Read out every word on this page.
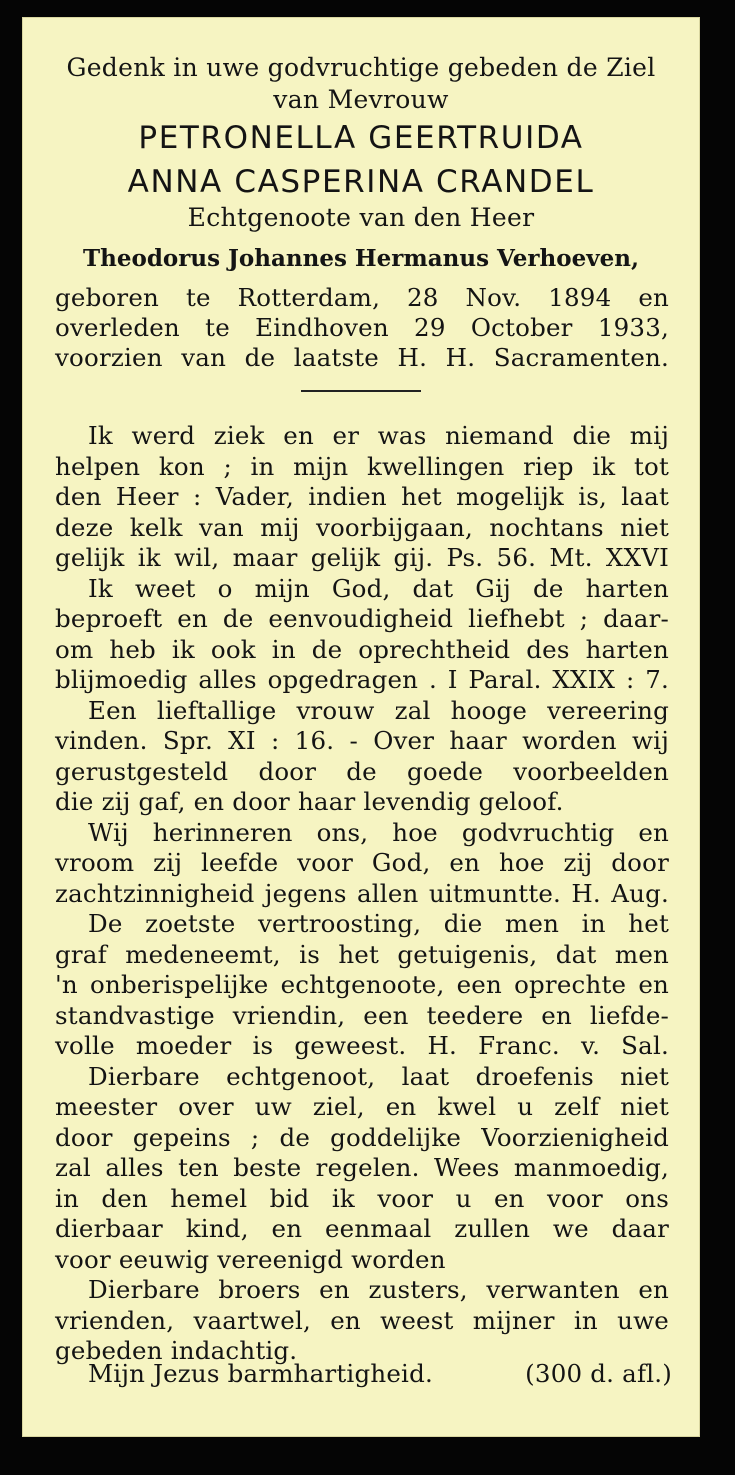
Gedenk in uwe godvruchtige gebeden de Ziel
van Mevrouw
PETRONELLA GEERTRUIDA
ANNA CASPERINA CRANDEL
Echtgenoote van den Heer
Theodorus Johannes Hermanus Verhoeven,
geboren te Rotterdam, 28 Nov. 1894 en
overleden te Eindhoven 29 October 1933,
voorzien van de laatste H. H. Sacramenten.
Ik werd ziek en er was niemand die mij
helpen kon ; in mijn kwellingen riep ik tot
den Heer : Vader, indien het mogelijk is, laat
deze kelk van mij voorbijgaan, nochtans niet
gelijk ik wil, maar gelijk gij. Ps. 56. Mt. XXVI
Ik weet o mijn God, dat Gij de harten
beproeft en de eenvoudigheid liefhebt ; daar-
om heb ik ook in de oprechtheid des harten
blijmoedig alles opgedragen . I Paral. XXIX : 7.
Een lieftallige vrouw zal hooge vereering
vinden. Spr. XI : 16. - Over haar worden wij
gerustgesteld door de goede voorbeelden
die zij gaf, en door haar levendig geloof.
Wij herinneren ons, hoe godvruchtig en
vroom zij leefde voor God, en hoe zij door
zachtzinnigheid jegens allen uitmuntte. H. Aug.
De zoetste vertroosting, die men in het
graf medeneemt, is het getuigenis, dat men
'n onberispelijke echtgenoote, een oprechte en
standvastige vriendin, een teedere en liefde-
volle moeder is geweest. H. Franc. v. Sal.
Dierbare echtgenoot, laat droefenis niet
meester over uw ziel, en kwel u zelf niet
door gepeins ; de goddelijke Voorzienigheid
zal alles ten beste regelen. Wees manmoedig,
in den hemel bid ik voor u en voor ons
dierbaar kind, en eenmaal zullen we daar
voor eeuwig vereenigd worden
Dierbare broers en zusters, verwanten en
vrienden, vaartwel, en weest mijner in uwe
gebeden indachtig.
Mijn Jezus barmhartigheid.	(300 d. afl.)
